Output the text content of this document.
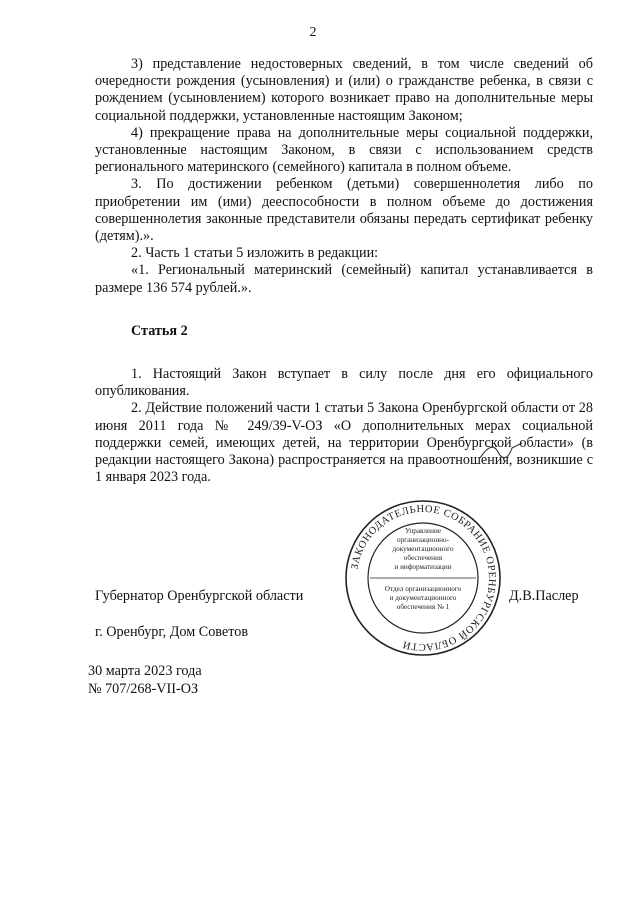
2

3) представление недостоверных сведений, в том числе сведений об очередности рождения (усыновления) и (или) о гражданстве ребенка, в связи с рождением (усыновлением) которого возникает право на дополнительные меры социальной поддержки, установленные настоящим Законом;

4) прекращение права на дополнительные меры социальной поддержки, установленные настоящим Законом, в связи с использованием средств регионального материнского (семейного) капитала в полном объеме.

3. По достижении ребенком (детьми) совершеннолетия либо по приобретении им (ими) дееспособности в полном объеме до достижения совершеннолетия законные представители обязаны передать сертификат ребенку (детям).».

2. Часть 1 статьи 5 изложить в редакции:

«1. Региональный материнский (семейный) капитал устанавливается в размере 136 574 рублей.».

Статья 2

1. Настоящий Закон вступает в силу после дня его официального опубликования.

2. Действие положений части 1 статьи 5 Закона Оренбургской области от 28 июня 2011 года № 249/39-V-ОЗ «О дополнительных мерах социальной поддержки семей, имеющих детей, на территории Оренбургской области» (в редакции настоящего Закона) распространяется на правоотношения, возникшие с 1 января 2023 года.

ЗАКОНОДАТЕЛЬНОЕ СОБРАНИЕ ОРЕНБУРГСКОЙ ОБЛАСТИ
Управление
организационно-
документационного
обеспечения
и информатизации
Отдел организационного
и документационного
обеспечения № 1
Губернатор Оренбургской области	Д.В.Паслер
г. Оренбург, Дом Советов
30 марта 2023 года
№ 707/268-VII-ОЗ
